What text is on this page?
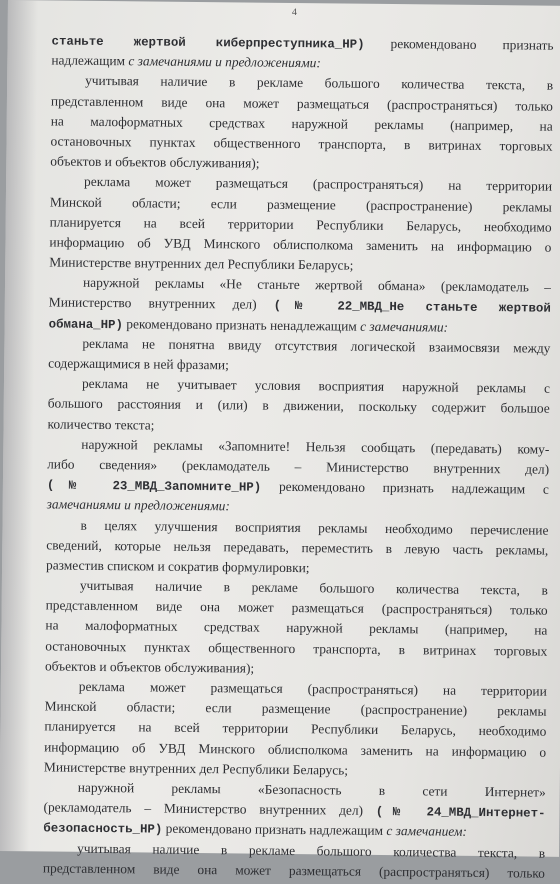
4
станьте жертвой киберпреступника_НР) рекомендовано признать
надлежащим с замечаниями и предложениями:
учитывая наличие в рекламе большого количества текста, в
представленном виде она может размещаться (распространяться) только
на малоформатных средствах наружной рекламы (например, на
остановочных пунктах общественного транспорта, в витринах торговых
объектов и объектов обслуживания);
реклама может размещаться (распространяться) на территории
Минской области; если размещение (распространение) рекламы
планируется на всей территории Республики Беларусь, необходимо
информацию об УВД Минского облисполкома заменить на информацию о
Министерстве внутренних дел Республики Беларусь;
наружной рекламы «Не станьте жертвой обмана» (рекламодатель –
Министерство внутренних дел) (№ 22_МВД_Не станьте жертвой
обмана_НР) рекомендовано признать ненадлежащим с замечаниями:
реклама не понятна ввиду отсутствия логической взаимосвязи между
содержащимися в ней фразами;
реклама не учитывает условия восприятия наружной рекламы с
большого расстояния и (или) в движении, поскольку содержит большое
количество текста;
наружной рекламы «Запомните! Нельзя сообщать (передавать) кому-
либо сведения» (рекламодатель – Министерство внутренних дел)
(№ 23_МВД_Запомните_НР) рекомендовано признать надлежащим с
замечаниями и предложениями:
в целях улучшения восприятия рекламы необходимо перечисление
сведений, которые нельзя передавать, переместить в левую часть рекламы,
разместив списком и сократив формулировки;
учитывая наличие в рекламе большого количества текста, в
представленном виде она может размещаться (распространяться) только
на малоформатных средствах наружной рекламы (например, на
остановочных пунктах общественного транспорта, в витринах торговых
объектов и объектов обслуживания);
реклама может размещаться (распространяться) на территории
Минской области; если размещение (распространение) рекламы
планируется на всей территории Республики Беларусь, необходимо
информацию об УВД Минского облисполкома заменить на информацию о
Министерстве внутренних дел Республики Беларусь;
наружной рекламы «Безопасность в сети Интернет»
(рекламодатель – Министерство внутренних дел) (№ 24_МВД_Интернет-
безопасность_НР) рекомендовано признать надлежащим с замечанием:
учитывая наличие в рекламе большого количества текста, в
представленном виде она может размещаться (распространяться) только
